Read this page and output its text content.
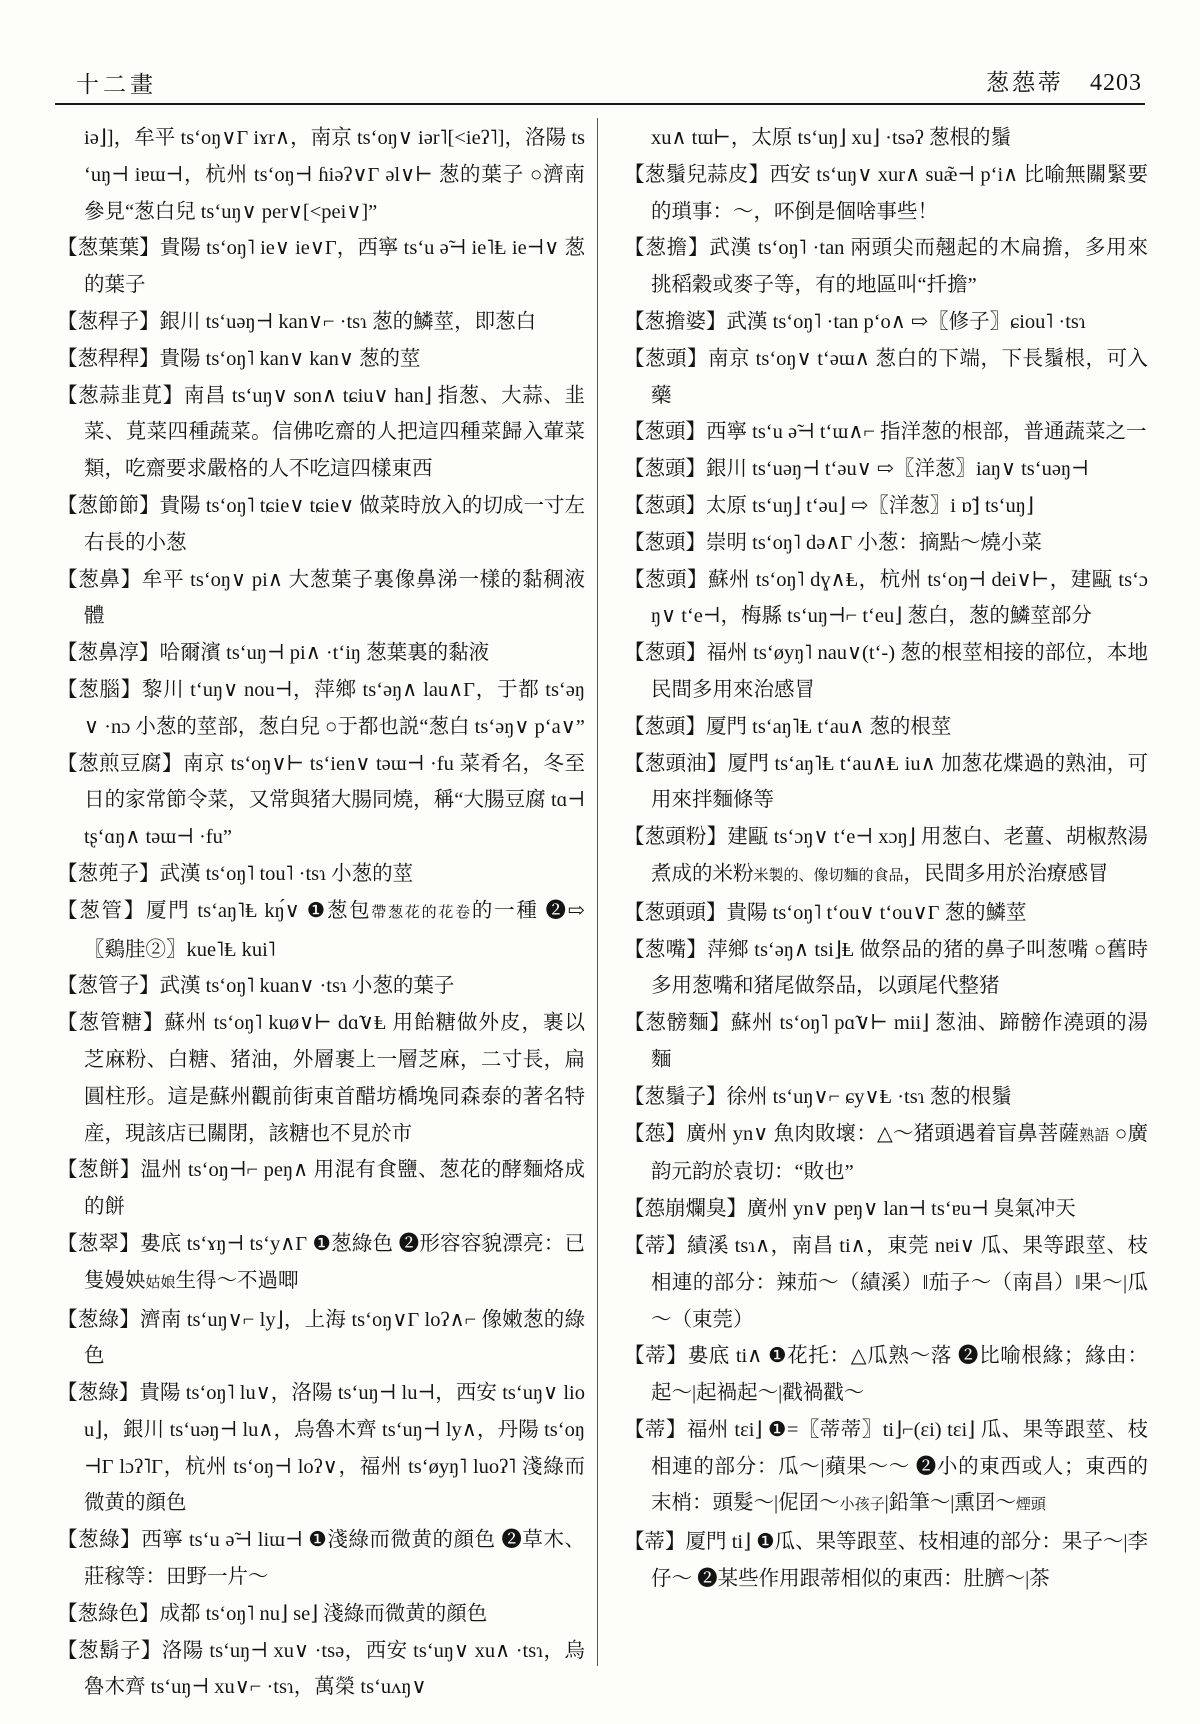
十二畫	葱葾蒂 4203
iə⌋]，牟平 tsʻoŋ∨Γ iɤr∧，南京 tsʻoŋ∨ iər˥[<ieʔ˥]，洛陽 tsʻuŋ⊣ iɐɯ⊣，杭州 tsʻoŋ⊣ ɦiəʔ∨Γ əl∨⊢ 葱的葉子 ○濟南參見“葱白兒 tsʻuŋ∨ per∨[<pei∨]”
【葱葉葉】貴陽 tsʻoŋ˥ ie∨ ie∨Γ，西寧 tsʻu ə̃⊣ ie˥Ⱡ ie⊣∨ 葱的葉子
【葱稈子】銀川 tsʻuəŋ⊣ kan∨⌐ ·tsɿ 葱的鱗莖，即葱白
【葱稈稈】貴陽 tsʻoŋ˥ kan∨ kan∨ 葱的莖
【葱蒜韭莧】南昌 tsʻuŋ∨ son∧ tɕiu∨ han⌋ 指葱、大蒜、韭菜、莧菜四種蔬菜。信佛吃齋的人把這四種菜歸入葷菜類，吃齋要求嚴格的人不吃這四樣東西
【葱節節】貴陽 tsʻoŋ˥ tɕie∨ tɕie∨ 做菜時放入的切成一寸左右長的小葱
【葱鼻】牟平 tsʻoŋ∨ pi∧ 大葱葉子裏像鼻涕一樣的黏稠液體
【葱鼻淳】哈爾濱 tsʻuŋ⊣ pi∧ ·tʻiŋ 葱葉裏的黏液
【葱腦】黎川 tʻuŋ∨ nou⊣，萍鄉 tsʻəŋ∧ lau∧Γ，于都 tsʻəŋ∨ ·nɔ 小葱的莖部，葱白兒 ○于都也説“葱白 tsʻəŋ∨ pʻa∨”
【葱煎豆腐】南京 tsʻoŋ∨⊢ tsʻien∨ təɯ⊣ ·fu 菜肴名，冬至日的家常節令菜，又常與猪大腸同燒，稱“大腸豆腐 tɑ⊣ tʂʻɑŋ∧ təɯ⊣ ·fu”
【葱蔸子】武漢 tsʻoŋ˥ tou˥ ·tsɿ 小葱的莖
【葱管】厦門 tsʻaŋ˥Ⱡ kŋ́∨ ❶葱包帶葱花的花卷的一種 ❷⇨〖鷄胿②〗kue˥Ⱡ kui˥
【葱管子】武漢 tsʻoŋ˥ kuan∨ ·tsɿ 小葱的葉子
【葱管糖】蘇州 tsʻoŋ˥ kuø∨⊢ dɑ̃∨Ⱡ 用飴糖做外皮，裹以芝麻粉、白糖、猪油，外層裹上一層芝麻，二寸長，扁圓柱形。這是蘇州觀前街東首醋坊橋堍同森泰的著名特産，現該店已關閉，該糖也不見於市
【葱餅】温州 tsʻoŋ⊣⌐ peŋ∧ 用混有食鹽、葱花的酵麵烙成的餅
【葱翠】婁底 tsʻɤŋ⊣ tsʻy∧Γ ❶葱綠色 ❷形容容貌漂亮：已隻嫚姎姑娘生得～不過唧
【葱綠】濟南 tsʻuŋ∨⌐ ly⌋，上海 tsʻoŋ∨Γ loʔ∧⌐ 像嫩葱的綠色
【葱綠】貴陽 tsʻoŋ˥ lu∨，洛陽 tsʻuŋ⊣ lu⊣，西安 tsʻuŋ∨ liou⌋，銀川 tsʻuəŋ⊣ lu∧，烏魯木齊 tsʻuŋ⊣ ly∧，丹陽 tsʻoŋ⊣Γ lɔʔ˥Γ，杭州 tsʻoŋ⊣ loʔ∨，福州 tsʻøyŋ˥ luoʔ˥ 淺綠而微黄的顔色
【葱綠】西寧 tsʻu ə̃⊣ liɯ⊣ ❶淺綠而微黄的顔色 ❷草木、莊稼等：田野一片～
【葱綠色】成都 tsʻoŋ˥ nu⌋ se⌋ 淺綠而微黄的顔色
【葱鬍子】洛陽 tsʻuŋ⊣ xu∨ ·tsə，西安 tsʻuŋ∨ xu∧ ·tsɿ，烏魯木齊 tsʻuŋ⊣ xu∨⌐ ·tsɿ，萬榮 tsʻuʌŋ∨
xu∧ tɯ⊢，太原 tsʻuŋ⌋ xu⌋ ·tsəʔ 葱根的鬚
【葱鬚兒蒜皮】西安 tsʻuŋ∨ xur∧ suæ̃⊣ pʻi∧ 比喻無關緊要的瑣事：～，吥倒是個啥事些！
【葱擔】武漢 tsʻoŋ˥ ·tan 兩頭尖而翹起的木扁擔，多用來挑稻穀或麥子等，有的地區叫“扦擔”
【葱擔婆】武漢 tsʻoŋ˥ ·tan pʻo∧ ⇨〖修子〗ɕiou˥ ·tsɿ
【葱頭】南京 tsʻoŋ∨ tʻəɯ∧ 葱白的下端，下長鬚根，可入藥
【葱頭】西寧 tsʻu ə̃⊣ tʻɯ∧⌐ 指洋葱的根部，普通蔬菜之一
【葱頭】銀川 tsʻuəŋ⊣ tʻəu∨ ⇨〖洋葱〗iaŋ∨ tsʻuəŋ⊣
【葱頭】太原 tsʻuŋ⌋ tʻəu⌋ ⇨〖洋葱〗i ɒ̃⌋ tsʻuŋ⌋
【葱頭】崇明 tsʻoŋ˥ də∧Γ 小葱：摘點～燒小菜
【葱頭】蘇州 tsʻoŋ˥ dɣ∧Ⱡ，杭州 tsʻoŋ⊣ dei∨⊢，建甌 tsʻɔŋ∨ tʻe⊣，梅縣 tsʻuŋ⊣⌐ tʻeu⌋ 葱白，葱的鱗莖部分
【葱頭】福州 tsʻøyŋ˥ nau∨(tʻ-) 葱的根莖相接的部位，本地民間多用來治感冒
【葱頭】厦門 tsʻaŋ˥Ⱡ tʻau∧ 葱的根莖
【葱頭油】厦門 tsʻaŋ˥Ⱡ tʻau∧Ⱡ iu∧ 加葱花煠過的熟油，可用來拌麵條等
【葱頭粉】建甌 tsʻɔŋ∨ tʻe⊣ xɔŋ⌋ 用葱白、老薑、胡椒熬湯煮成的米粉米製的、像切麵的食品，民間多用於治療感冒
【葱頭頭】貴陽 tsʻoŋ˥ tʻou∨ tʻou∨Γ 葱的鱗莖
【葱嘴】萍鄉 tsʻəŋ∧ tsi⌋Ⱡ 做祭品的猪的鼻子叫葱嘴 ○舊時多用葱嘴和猪尾做祭品，以頭尾代整猪
【葱髈麵】蘇州 tsʻoŋ˥ pɑ̃∨⊢ mii⌋ 葱油、蹄髈作澆頭的湯麵
【葱鬚子】徐州 tsʻuŋ∨⌐ ɕy∨Ⱡ ·tsɿ 葱的根鬚
【葾】廣州 yn∨ 魚肉敗壞：△～猪頭遇着盲鼻菩薩熟語 ○廣韵元韵於袁切：“敗也”
【葾崩爛臭】廣州 yn∨ pɐŋ∨ lan⊣ tsʻɐu⊣ 臭氣冲天
【蒂】績溪 tsɿ∧，南昌 ti∧，東莞 nɐi∨ 瓜、果等跟莖、枝相連的部分：辣茄～（績溪）‖茄子～（南昌）‖果～|瓜～（東莞）
【蒂】婁底 ti∧ ❶花托：△瓜熟～落 ❷比喻根緣；緣由：起～|起禍起～|戳禍戳～
【蒂】福州 tɛi⌋ ❶=〖蒂蒂〗ti⌋⌐(ɛi) tɛi⌋ 瓜、果等跟莖、枝相連的部分：瓜～|蘋果～～ ❷小的東西或人；東西的末梢：頭髮～|伲囝～小孩子|鉛筆～|熏囝～煙頭
【蒂】厦門 ti⌋ ❶瓜、果等跟莖、枝相連的部分：果子～|李仔～ ❷某些作用跟蒂相似的東西：肚臍～|茶
